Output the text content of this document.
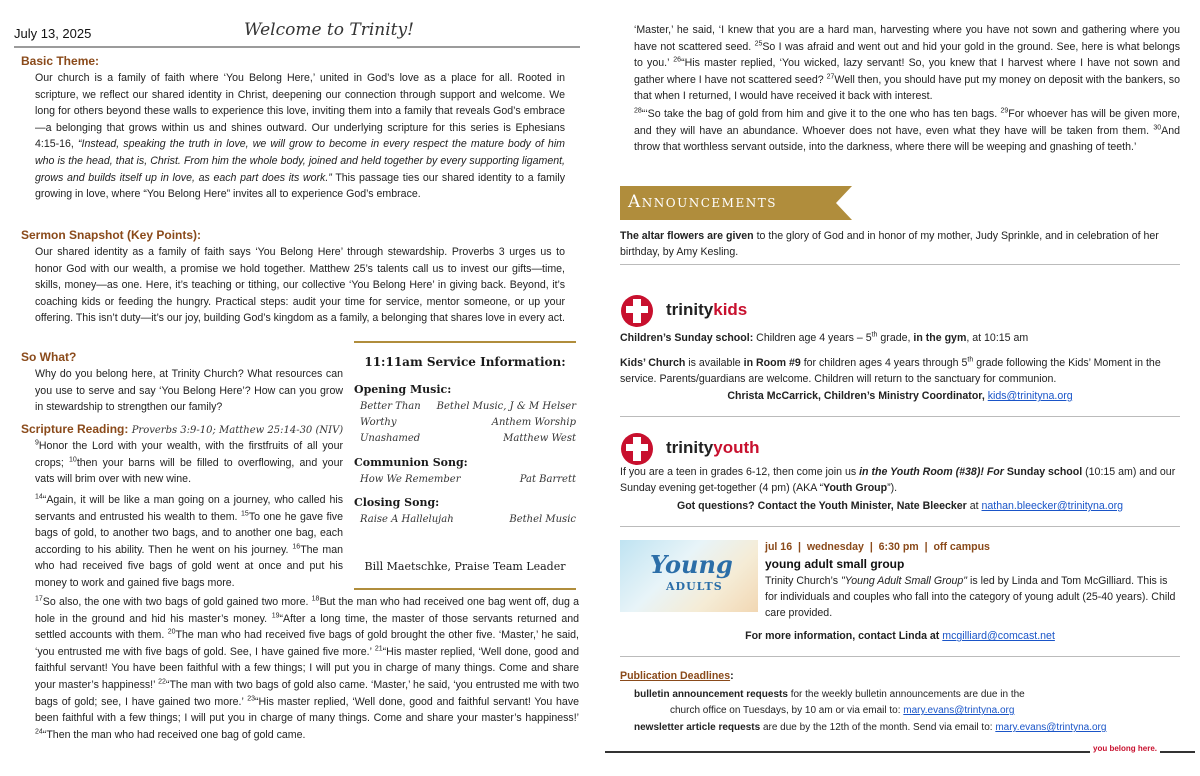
July 13, 2025	Welcome to Trinity!
Basic Theme:
Our church is a family of faith where ‘You Belong Here,’ united in God’s love as a place for all. Rooted in scripture, we reflect our shared identity in Christ, deepening our connection through support and welcome. We long for others beyond these walls to experience this love, inviting them into a family that reveals God’s embrace—a belonging that grows within us and shines outward. Our underlying scripture for this series is Ephesians 4:15-16, “Instead, speaking the truth in love, we will grow to become in every respect the mature body of him who is the head, that is, Christ. From him the whole body, joined and held together by every supporting ligament, grows and builds itself up in love, as each part does its work.” This passage ties our shared identity to a family growing in love, where “You Belong Here” invites all to experience God’s embrace.
Sermon Snapshot (Key Points):
Our shared identity as a family of faith says ‘You Belong Here’ through stewardship. Proverbs 3 urges us to honor God with our wealth, a promise we hold together. Matthew 25’s talents call us to invest our gifts—time, skills, money—as one. Here, it’s teaching or tithing, our collective ‘You Belong Here’ in giving back. Beyond, it’s coaching kids or feeding the hungry. Practical steps: audit your time for service, mentor someone, or up your offering. This isn’t duty—it’s our joy, building God’s kingdom as a family, a belonging that shares love in every act.
So What?
Why do you belong here, at Trinity Church? What resources can you use to serve and say ‘You Belong Here’? How can you grow in stewardship to strengthen our family?
Scripture Reading: Proverbs 3:9-10; Matthew 25:14-30 (NIV)
$^9$Honor the Lord with your wealth, with the firstfruits of all your crops; $^{10}$then your barns will be filled to overflowing, and your vats will brim over with new wine.
$^{14}$“Again, it will be like a man going on a journey, who called his servants and entrusted his wealth to them. $^{15}$To one he gave five bags of gold, to another two bags, and to another one bag, each according to his ability. Then he went on his journey. $^{16}$The man who had received five bags of gold went at once and put his money to work and gained five bags more.
$^{17}$So also, the one with two bags of gold gained two more. $^{18}$But the man who had received one bag went off, dug a hole in the ground and hid his master’s money. $^{19}$“After a long time, the master of those servants returned and settled accounts with them. $^{20}$The man who had received five bags of gold brought the other five. ‘Master,’ he said, ‘you entrusted me with five bags of gold. See, I have gained five more.’ $^{21}$“His master replied, ‘Well done, good and faithful servant! You have been faithful with a few things; I will put you in charge of many things. Come and share your master’s happiness!’ $^{22}$“The man with two bags of gold also came. ‘Master,’ he said, ‘you entrusted me with two bags of gold; see, I have gained two more.’ $^{23}$“His master replied, ‘Well done, good and faithful servant! You have been faithful with a few things; I will put you in charge of many things. Come and share your master’s happiness!’ $^{24}$“Then the man who had received one bag of gold came.
11:11am Service Information:
Opening Music:
Better Than Bethel Music, J & M Helser
Worthy	Anthem Worship
Unashamed	Matthew West
Communion Song:
How We Remember	Pat Barrett
Closing Song:
Raise A Hallelujah	Bethel Music
Bill Maetschke, Praise Team Leader
‘Master,’ he said, ‘I knew that you are a hard man, harvesting where you have not sown and gathering where you have not scattered seed. $^{25}$So I was afraid and went out and hid your gold in the ground. See, here is what belongs to you.’ $^{26}$“His master replied, ‘You wicked, lazy servant! So, you knew that I harvest where I have not sown and gather where I have not scattered seed? $^{27}$Well then, you should have put my money on deposit with the bankers, so that when I returned, I would have received it back with interest.
$^{28}$“‘So take the bag of gold from him and give it to the one who has ten bags. $^{29}$For whoever has will be given more, and they will have an abundance. Whoever does not have, even what they have will be taken from them. $^{30}$And throw that worthless servant outside, into the darkness, where there will be weeping and gnashing of teeth.’
Announcements
The altar flowers are given to the glory of God and in honor of my mother, Judy Sprinkle, and in celebration of her birthday, by Amy Kesling.
trinitykids
Children’s Sunday school: Children age 4 years – 5th grade, in the gym, at 10:15 am
Kids’ Church is available in Room #9 for children ages 4 years through 5th grade following the Kids’ Moment in the service. Parents/guardians are welcome. Children will return to the sanctuary for communion.
Christa McCarrick, Children’s Ministry Coordinator, kids@trinityna.org
trinityyouth
If you are a teen in grades 6-12, then come join us in the Youth Room (#38)! For Sunday school (10:15 am) and our Sunday evening get-together (4 pm) (AKA “Youth Group”).
Got questions? Contact the Youth Minister, Nate Bleecker at nathan.bleecker@trinityna.org
Young
ADULTS
jul 16  |  wednesday  |  6:30 pm  |  off campus
young adult small group
Trinity Church’s "Young Adult Small Group" is led by Linda and Tom McGilliard. This is for individuals and couples who fall into the category of young adult (25-40 years). Child care provided.
For more information, contact Linda at mcgilliard@comcast.net
Publication Deadlines:
bulletin announcement requests for the weekly bulletin announcements are due in the
church office on Tuesdays, by 10 am or via email to: mary.evans@trintyna.org
newsletter article requests are due by the 12th of the month. Send via email to: mary.evans@trintyna.org
you belong here.
